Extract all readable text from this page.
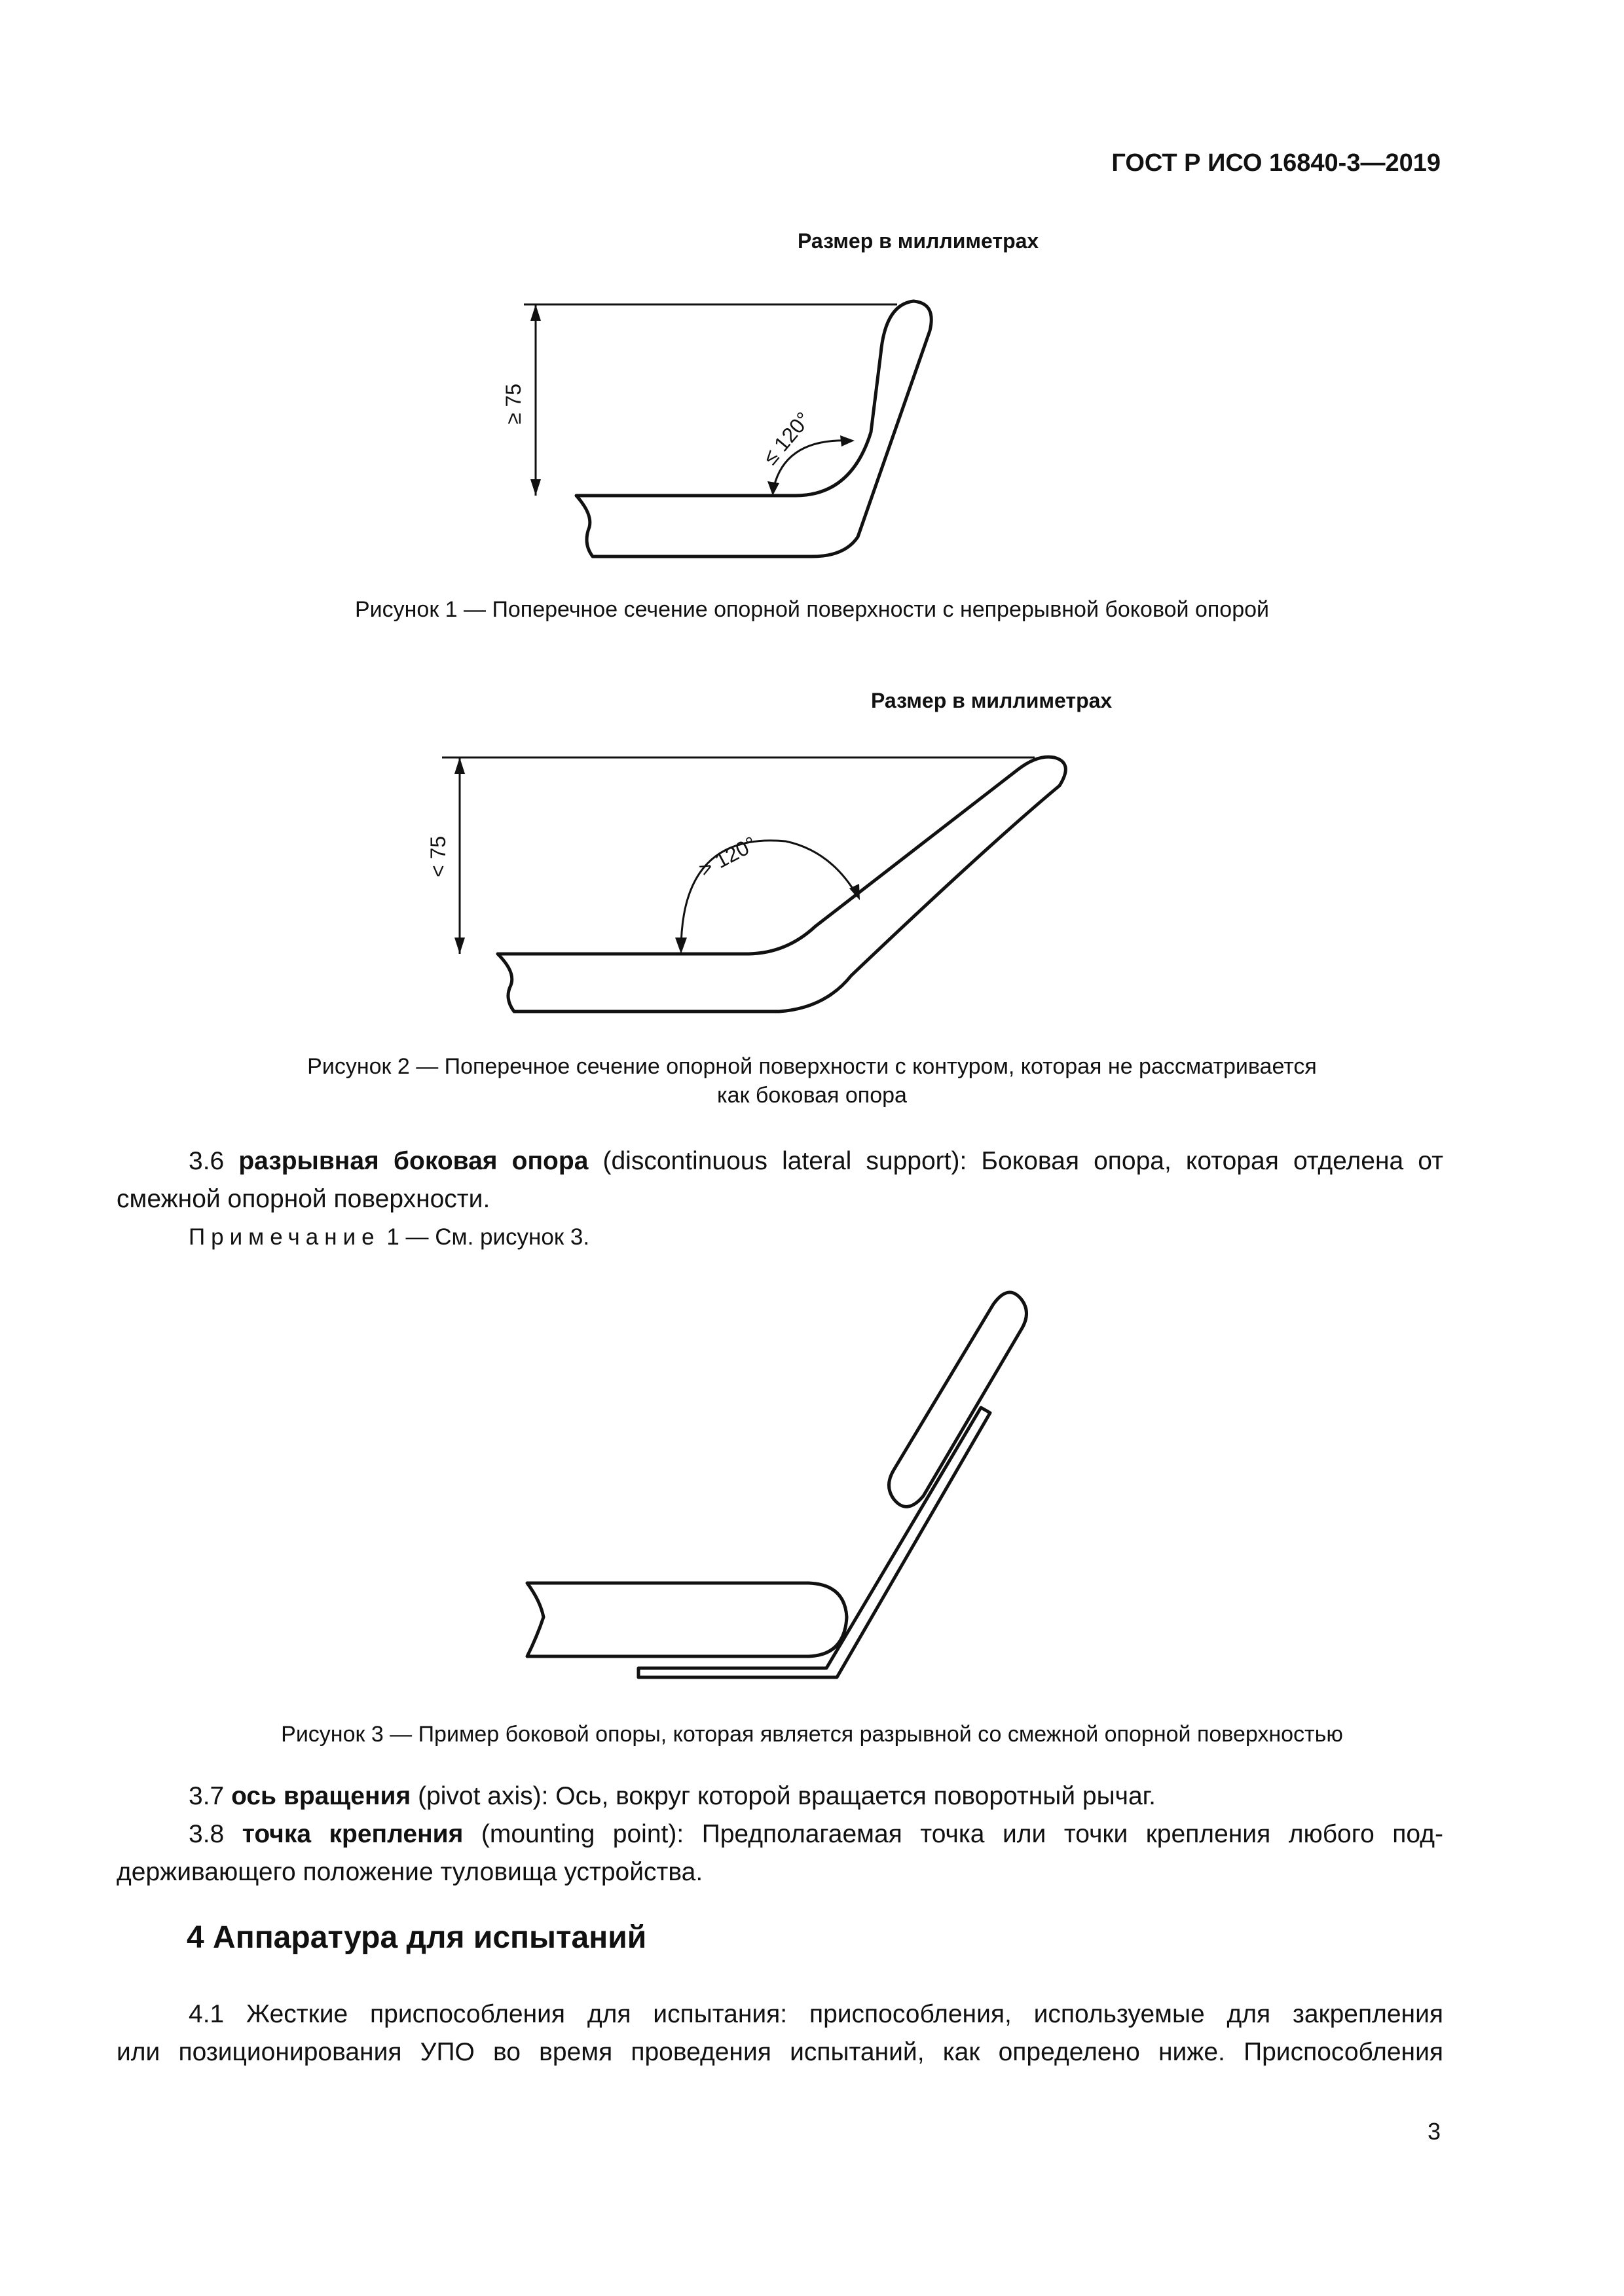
ГОСТ Р ИСО 16840-3—2019
Размер в миллиметрах
≥ 75
≤ 120°
< 75	> 120°
Рисунок 1 — Поперечное сечение опорной поверхности с непрерывной боковой опорой
Размер в миллиметрах
Рисунок 2 — Поперечное сечение опорной поверхности с контуром, которая не рассматривается
как боковая опора
3.6 разрывная боковая опора (discontinuous lateral support): Боковая опора, которая отделена от
смежной опорной поверхности.
Примечание 1 — См. рисунок 3.
Рисунок 3 — Пример боковой опоры, которая является разрывной со смежной опорной поверхностью
3.7 ось вращения (pivot axis): Ось, вокруг которой вращается поворотный рычаг.
3.8 точка крепления (mounting point): Предполагаемая точка или точки крепления любого под-
держивающего положение туловища устройства.
4 Аппаратура для испытаний
4.1 Жесткие приспособления для испытания: приспособления, используемые для закрепления
или позиционирования УПО во время проведения испытаний, как определено ниже. Приспособления
3
